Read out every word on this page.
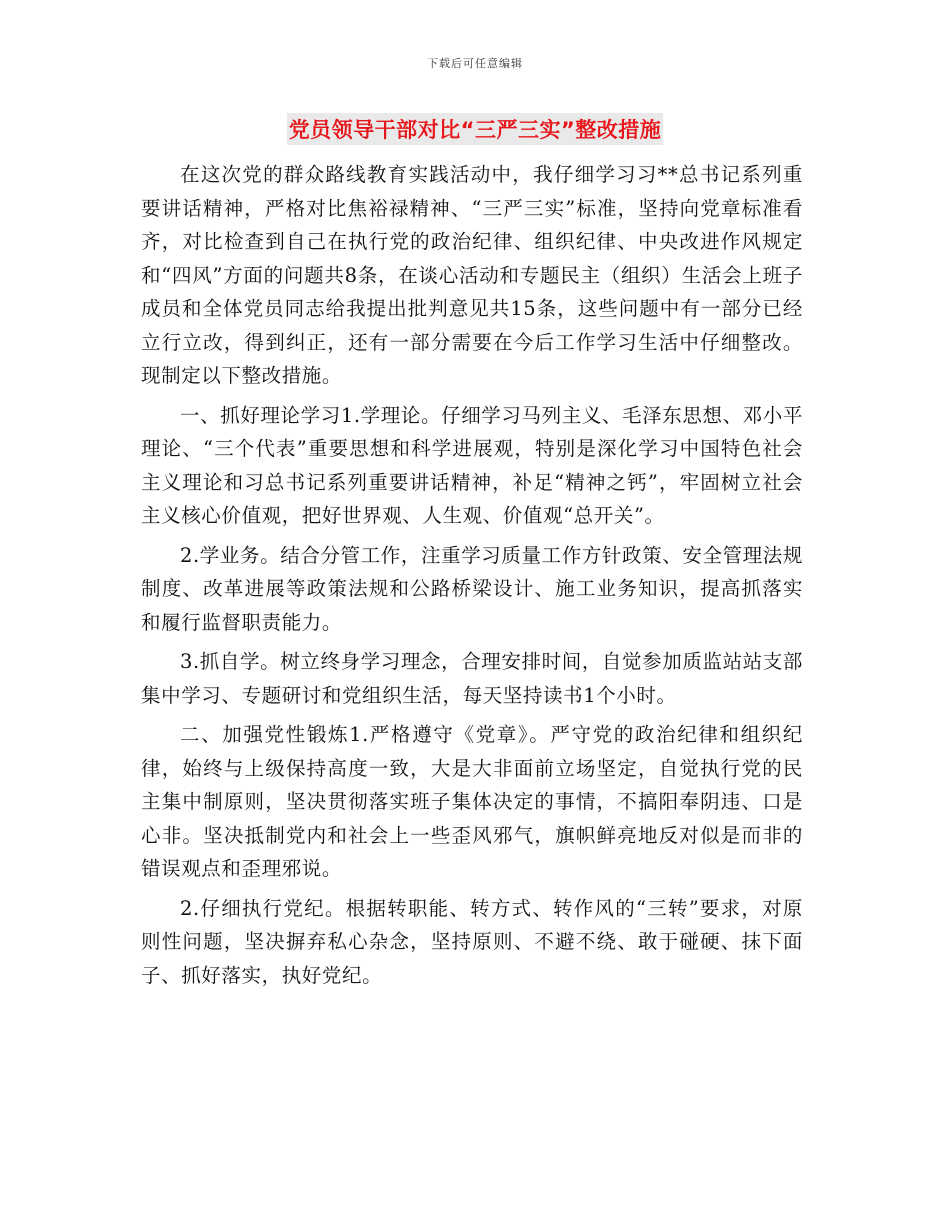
下载后可任意编辑
党员领导干部对比“三严三实”整改措施

在这次党的群众路线教育实践活动中，我仔细学习习**总书记系列重要讲话精神，严格对比焦裕禄精神、“三严三实”标准，坚持向党章标准看齐，对比检查到自己在执行党的政治纪律、组织纪律、中央改进作风规定和“四风”方面的问题共8条，在谈心活动和专题民主（组织）生活会上班子成员和全体党员同志给我提出批判意见共15条，这些问题中有一部分已经立行立改，得到纠正，还有一部分需要在今后工作学习生活中仔细整改。现制定以下整改措施。

一、抓好理论学习1.学理论。仔细学习马列主义、毛泽东思想、邓小平理论、“三个代表”重要思想和科学进展观，特别是深化学习中国特色社会主义理论和习总书记系列重要讲话精神，补足“精神之钙”，牢固树立社会主义核心价值观，把好世界观、人生观、价值观“总开关”。

2.学业务。结合分管工作，注重学习质量工作方针政策、安全管理法规制度、改革进展等政策法规和公路桥梁设计、施工业务知识，提高抓落实和履行监督职责能力。

3.抓自学。树立终身学习理念，合理安排时间，自觉参加质监站站支部集中学习、专题研讨和党组织生活，每天坚持读书1个小时。

二、加强党性锻炼1.严格遵守《党章》。严守党的政治纪律和组织纪律，始终与上级保持高度一致，大是大非面前立场坚定，自觉执行党的民主集中制原则，坚决贯彻落实班子集体决定的事情，不搞阳奉阴违、口是心非。坚决抵制党内和社会上一些歪风邪气，旗帜鲜亮地反对似是而非的错误观点和歪理邪说。

2.仔细执行党纪。根据转职能、转方式、转作风的“三转”要求，对原则性问题，坚决摒弃私心杂念，坚持原则、不避不绕、敢于碰硬、抹下面子、抓好落实，执好党纪。
